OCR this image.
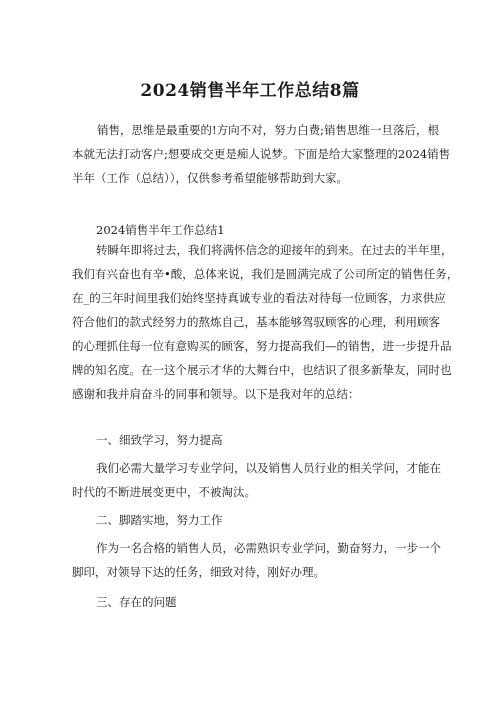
2024销售半年工作总结8篇
销售，思维是最重要的!方向不对，努力白费;销售思维一旦落后，根
本就无法打动客户;想要成交更是痴人说梦。下面是给大家整理的2024销售
半年（工作（总结）），仅供参考希望能够帮助到大家。
2024销售半年工作总结1
转瞬年即将过去，我们将满怀信念的迎接年的到来。在过去的半年里，
我们有兴奋也有辛•酸，总体来说，我们是圆满完成了公司所定的销售任务，
在_的三年时间里我们始终坚持真诚专业的看法对待每一位顾客，力求供应
符合他们的款式经努力的熬炼自己，基本能够驾驭顾客的心理，利用顾客
的心理抓住每一位有意购买的顾客，努力提高我们—的销售，进一步提升品
牌的知名度。在一这个展示才华的大舞台中，也结识了很多新挚友，同时也
感谢和我并肩奋斗的同事和领导。以下是我对年的总结：
一、细致学习，努力提高
我们必需大量学习专业学问，以及销售人员行业的相关学问，才能在
时代的不断进展变更中，不被淘汰。
二、脚踏实地，努力工作
作为一名合格的销售人员，必需熟识专业学问，勤奋努力，一步一个
脚印，对领导下达的任务，细致对待，刚好办理。
三、存在的问题
